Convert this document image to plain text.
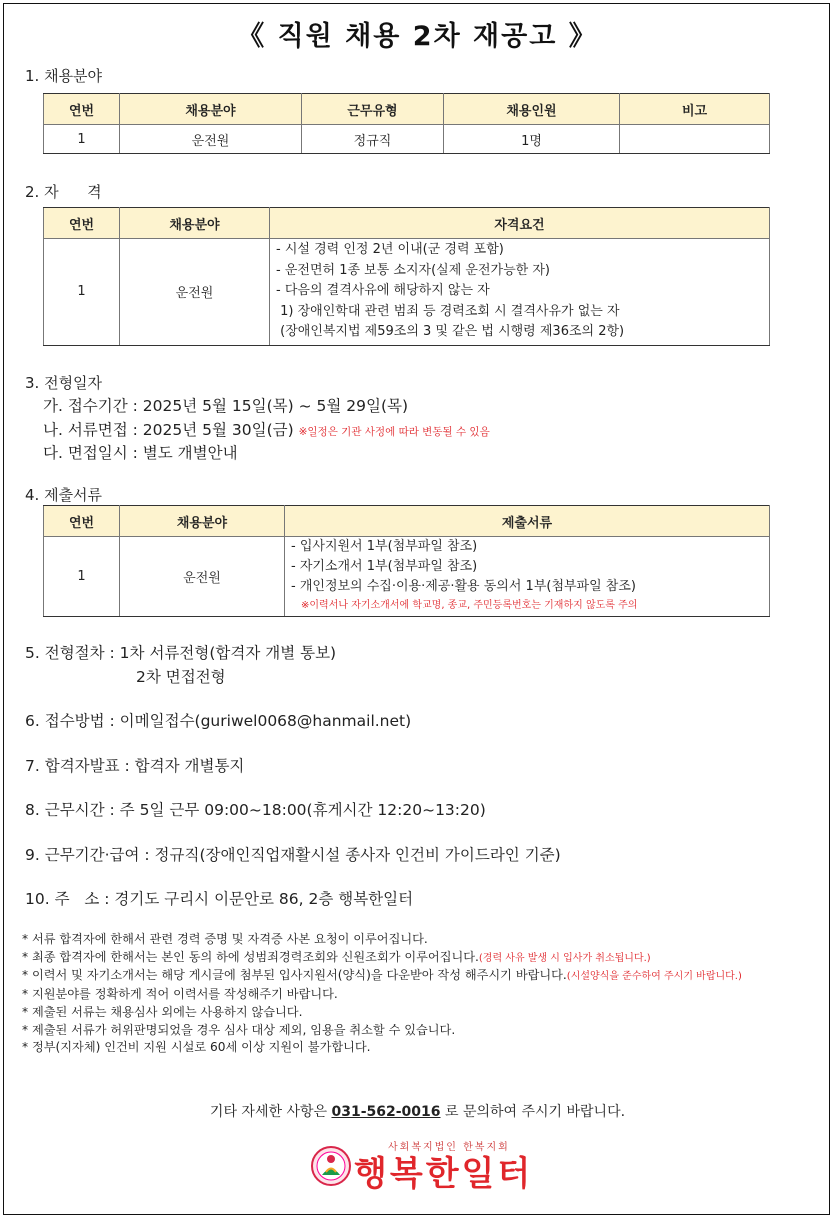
《 직원 채용 2차 재공고 》
1. 채용분야
연번	채용분야	근무유형	채용인원	비고
1	운전원	정규직	1명	
2. 자      격
연번	채용분야	자격요건
1	운전원	- 시설 경력 인정 2년 이내(군 경력 포함)
- 운전면허 1종 보통 소지자(실제 운전가능한 자)
- 다음의 결격사유에 해당하지 않는 자
1) 장애인학대 관련 범죄 등 경력조회 시 결격사유가 없는 자
(장애인복지법 제59조의 3 및 같은 법 시행령 제36조의 2항)
3. 전형일자
가. 접수기간 : 2025년 5월 15일(목) ~ 5월 29일(목)
나. 서류면접 : 2025년 5월 30일(금) ※일정은 기관 사정에 따라 변동될 수 있음
다. 면접일시 : 별도 개별안내
4. 제출서류
연번	채용분야	제출서류
1	운전원	- 입사지원서 1부(첨부파일 참조)
- 자기소개서 1부(첨부파일 참조)
- 개인정보의 수집·이용·제공·활용 동의서 1부(첨부파일 참조)
※이력서나 자기소개서에 학교명, 종교, 주민등록번호는 기재하지 않도록 주의
5. 전형절차 : 1차 서류전형(합격자 개별 통보)
2차 면접전형
6. 접수방법 : 이메일접수(guriwel0068@hanmail.net)
7. 합격자발표 : 합격자 개별통지
8. 근무시간 : 주 5일 근무 09:00~18:00(휴게시간 12:20~13:20)
9. 근무기간·급여 : 정규직(장애인직업재활시설 종사자 인건비 가이드라인 기준)
10. 주   소 : 경기도 구리시 이문안로 86, 2층 행복한일터
* 서류 합격자에 한해서 관련 경력 증명 및 자격증 사본 요청이 이루어집니다.
* 최종 합격자에 한해서는 본인 동의 하에 성범죄경력조회와 신원조회가 이루어집니다.(경력 사유 발생 시 입사가 취소됩니다.)
* 이력서 및 자기소개서는 해당 게시글에 첨부된 입사지원서(양식)을 다운받아 작성 해주시기 바랍니다.(시설양식을 준수하여 주시기 바랍니다.)
* 지원분야를 정확하게 적어 이력서를 작성해주기 바랍니다.
* 제출된 서류는 채용심사 외에는 사용하지 않습니다.
* 제출된 서류가 허위판명되었을 경우 심사 대상 제외, 임용을 취소할 수 있습니다.
* 정부(지자체) 인건비 지원 시설로 60세 이상 지원이 불가합니다.
기타 자세한 사항은 031-562-0016 로 문의하여 주시기 바랍니다.
사회복지법인 한복지회
행복한일터
